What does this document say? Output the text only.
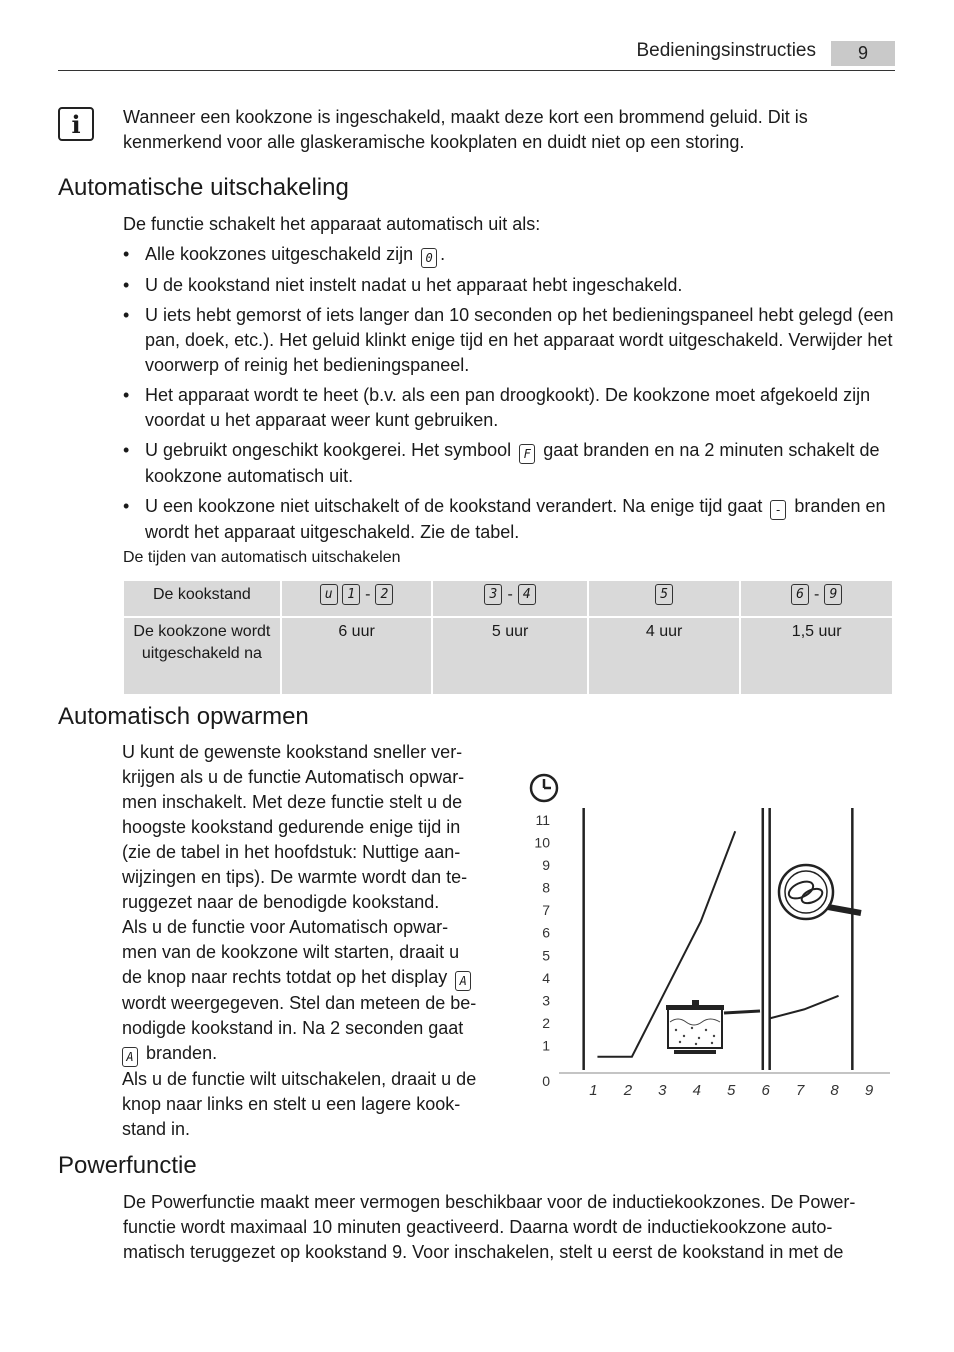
Bedieningsinstructies	9
i	Wanneer een kookzone is ingeschakeld, maakt deze kort een brommend geluid. Dit is kenmerkend voor alle glaskeramische kookplaten en duidt niet op een storing.
Automatische uitschakeling
De functie schakelt het apparaat automatisch uit als:
• Alle kookzones uitgeschakeld zijn 0 .
• U de kookstand niet instelt nadat u het apparaat hebt ingeschakeld.
• U iets hebt gemorst of iets langer dan 10 seconden op het bedieningspaneel hebt gelegd (een pan, doek, etc.). Het geluid klinkt enige tijd en het apparaat wordt uitgeschakeld. Verwijder het voorwerp of reinig het bedieningspaneel.
• Het apparaat wordt te heet (b.v. als een pan droogkookt). De kookzone moet afgekoeld zijn voordat u het apparaat weer kunt gebruiken.
• U gebruikt ongeschikt kookgerei. Het symbool F gaat branden en na 2 minuten schakelt de kookzone automatisch uit.
• U een kookzone niet uitschakelt of de kookstand verandert. Na enige tijd gaat - branden en wordt het apparaat uitgeschakeld. Zie de tabel.
De tijden van automatisch uitschakelen
De kookstand	u 1 - 2	3 - 4	5	6 - 9
De kookzone wordt uitgeschakeld na	6 uur	5 uur	4 uur	1,5 uur
Automatisch opwarmen
U kunt de gewenste kookstand sneller ver-
krijgen als u de functie Automatisch opwar-
men inschakelt. Met deze functie stelt u de
hoogste kookstand gedurende enige tijd in
(zie de tabel in het hoofdstuk: Nuttige aan-
wijzingen en tips). De warmte wordt dan te-
ruggezet naar de benodigde kookstand.
Als u de functie voor Automatisch opwar-
men van de kookzone wilt starten, draait u
de knop naar rechts totdat op het display A
wordt weergegeven. Stel dan meteen de be-
nodigde kookstand in. Na 2 seconden gaat
A branden.
Als u de functie wilt uitschakelen, draait u de
knop naar links en stelt u een lagere kook-
stand in.
0
1
2
3
4
5
6
7
8
9
10
11
1 2 3 4 5 6 7 8 9
Powerfunctie
De Powerfunctie maakt meer vermogen beschikbaar voor de inductiekookzones. De Power-
functie wordt maximaal 10 minuten geactiveerd. Daarna wordt de inductiekookzone auto-
matisch teruggezet op kookstand 9. Voor inschakelen, stelt u eerst de kookstand in met de
